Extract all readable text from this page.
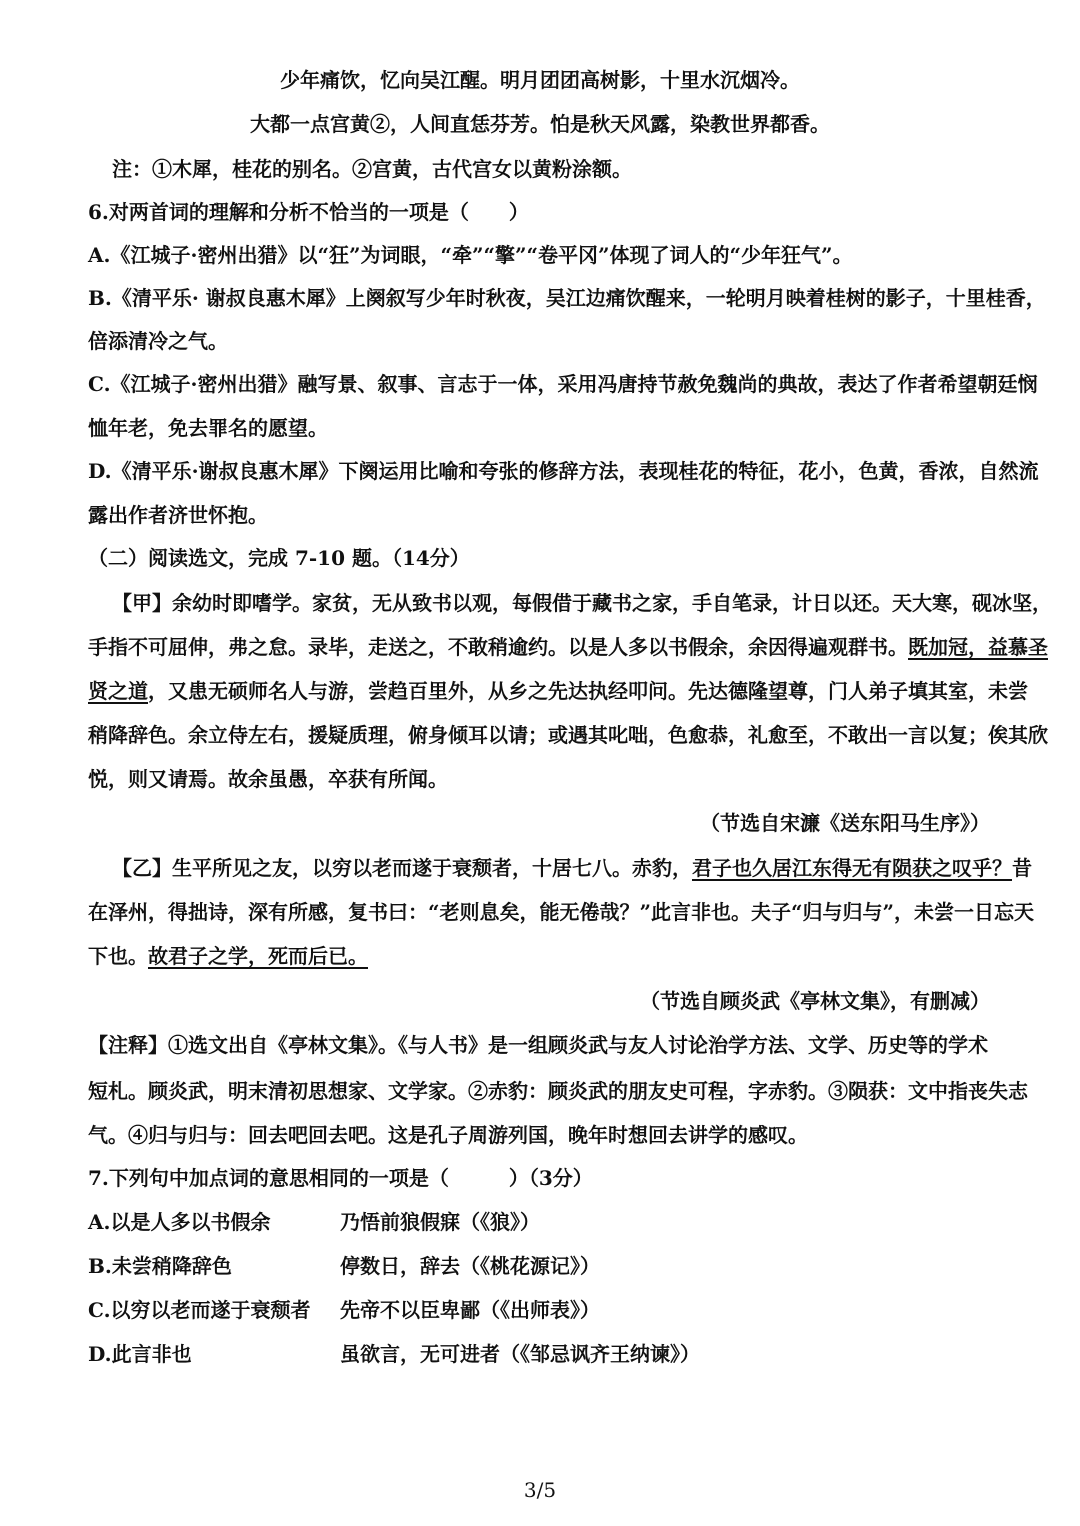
少年痛饮，忆向吴江醒。明月团团高树影，十里水沉烟冷。
大都一点宫黄②，人间直恁芬芳。怕是秋天风露，染教世界都香。
注：①木犀，桂花的别名。②宫黄，古代宫女以黄粉涂额。
6.对两首词的理解和分析不恰当的一项是（　　）
A.《江城子·密州出猎》以“狂”为词眼，“牵”“擎”“卷平冈”体现了词人的“少年狂气”。
B.《清平乐· 谢叔良惠木犀》上阕叙写少年时秋夜，吴江边痛饮醒来，一轮明月映着桂树的影子，十里桂香，
倍添清冷之气。
C.《江城子·密州出猎》融写景、叙事、言志于一体，采用冯唐持节赦免魏尚的典故，表达了作者希望朝廷悯
恤年老，免去罪名的愿望。
D.《清平乐·谢叔良惠木犀》下阕运用比喻和夸张的修辞方法，表现桂花的特征，花小，色黄，香浓，自然流
露出作者济世怀抱。
（二）阅读选文，完成 7-10 题。（14分）
【甲】余幼时即嗜学。家贫，无从致书以观，每假借于藏书之家，手自笔录，计日以还。天大寒，砚冰坚，
手指不可屈伸，弗之怠。录毕，走送之，不敢稍逾约。以是人多以书假余，余因得遍观群书。既加冠，益慕圣
贤之道，又患无硕师名人与游，尝趋百里外，从乡之先达执经叩问。先达德隆望尊，门人弟子填其室，未尝
稍降辞色。余立侍左右，援疑质理，俯身倾耳以请；或遇其叱咄，色愈恭，礼愈至，不敢出一言以复；俟其欣
悦，则又请焉。故余虽愚，卒获有所闻。
（节选自宋濂《送东阳马生序》）
【乙】生平所见之友，以穷以老而遂于衰颓者，十居七八。赤豹，君子也久居江东得无有陨获之叹乎？昔
在泽州，得拙诗，深有所感，复书曰：“老则息矣，能无倦哉？”此言非也。夫子“归与归与”，未尝一日忘天
下也。故君子之学，死而后已。
（节选自顾炎武《亭林文集》，有删减）
【注释】①选文出自《亭林文集》。《与人书》是一组顾炎武与友人讨论治学方法、文学、历史等的学术
短札。顾炎武，明末清初思想家、文学家。②赤豹：顾炎武的朋友史可程，字赤豹。③陨获：文中指丧失志
气。④归与归与：回去吧回去吧。这是孔子周游列国，晚年时想回去讲学的感叹。
7.下列句中加点词的意思相同的一项是（　　　）（3分）
A.以是人多以书假余	乃悟前狼假寐（《狼》）
B.未尝稍降辞色	停数日，辞去（《桃花源记》）
C.以穷以老而遂于衰颓者 先帝不以臣卑鄙（《出师表》）
D.此言非也	虽欲言，无可进者（《邹忌讽齐王纳谏》）
3/5
